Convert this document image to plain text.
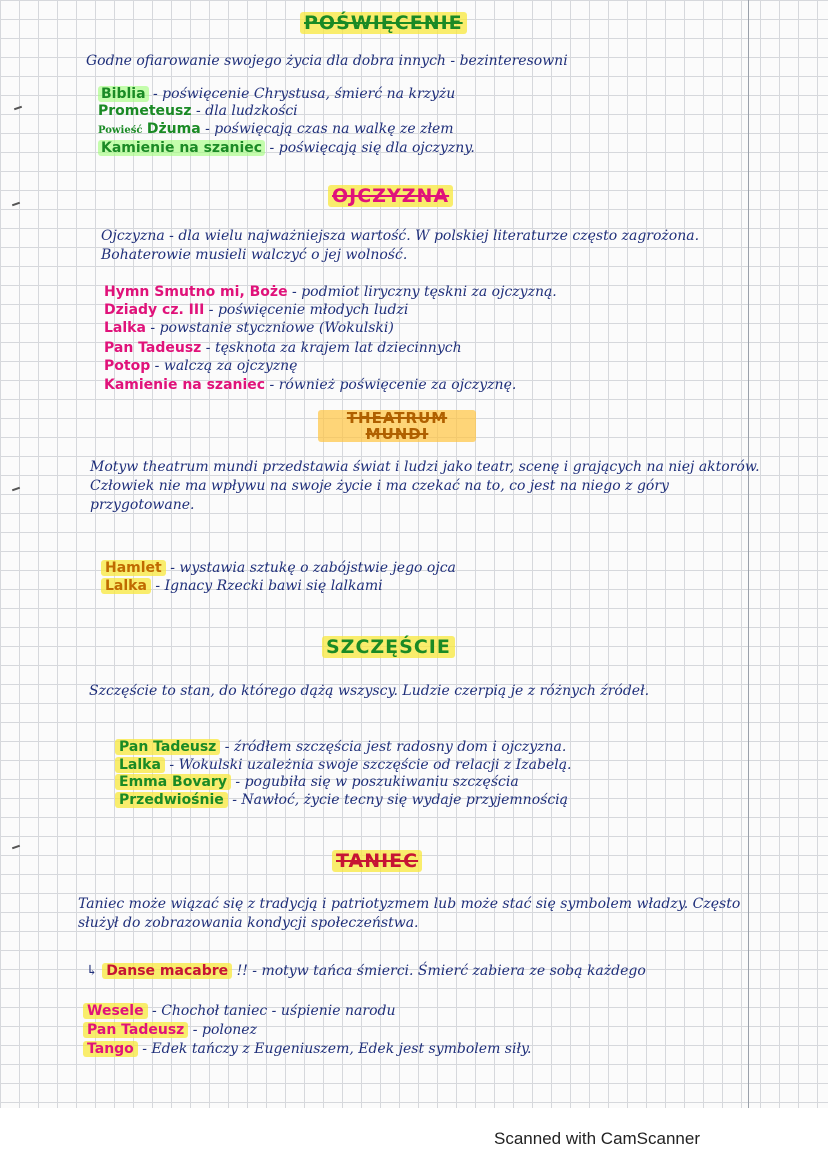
POŚWIĘCENIE

Godne ofiarowanie swojego życia dla dobra innych - bezinteresowni

Biblia - poświęcenie Chrystusa, śmierć na krzyżu
Prometeusz - dla ludzkości
Powieść Dżuma - poświęcają czas na walkę ze złem
Kamienie na szaniec - poświęcają się dla ojczyzny.
OJCZYZNA

Ojczyzna - dla wielu najważniejsza wartość. W polskiej literaturze często zagrożona. Bohaterowie musieli walczyć o jej wolność.

Hymn Smutno mi, Boże - podmiot liryczny tęskni za ojczyzną.
Dziady cz. III - poświęcenie młodych ludzi
Lalka - powstanie styczniowe (Wokulski)
Pan Tadeusz - tęsknota za krajem lat dziecinnych
Potop - walczą za ojczyznę
Kamienie na szaniec - również poświęcenie za ojczyznę.
THEATRUM MUNDI

Motyw theatrum mundi przedstawia świat i ludzi jako teatr, scenę i grających na niej aktorów. Człowiek nie ma wpływu na swoje życie i ma czekać na to, co jest na niego z góry przygotowane.

Hamlet - wystawia sztukę o zabójstwie jego ojca
Lalka - Ignacy Rzecki bawi się lalkami
SZCZĘŚCIE

Szczęście to stan, do którego dążą wszyscy. Ludzie czerpią je z różnych źródeł.

Pan Tadeusz - źródłem szczęścia jest radosny dom i ojczyzna.
Lalka - Wokulski uzależnia swoje szczęście od relacji z Izabelą.
Emma Bovary - pogubiła się w poszukiwaniu szczęścia
Przedwiośnie - Nawłoć, życie tecny się wydaje przyjemnością
TANIEC

Taniec może wiązać się z tradycją i patriotyzmem lub może stać się symbolem władzy. Często służył do zobrazowania kondycji społeczeństwa.

↳ Danse macabre !! - motyw tańca śmierci. Śmierć zabiera ze sobą każdego
Wesele - Chochoł taniec - uśpienie narodu
Pan Tadeusz - polonez
Tango - Edek tańczy z Eugeniuszem, Edek jest symbolem siły.
Scanned with CamScanner
